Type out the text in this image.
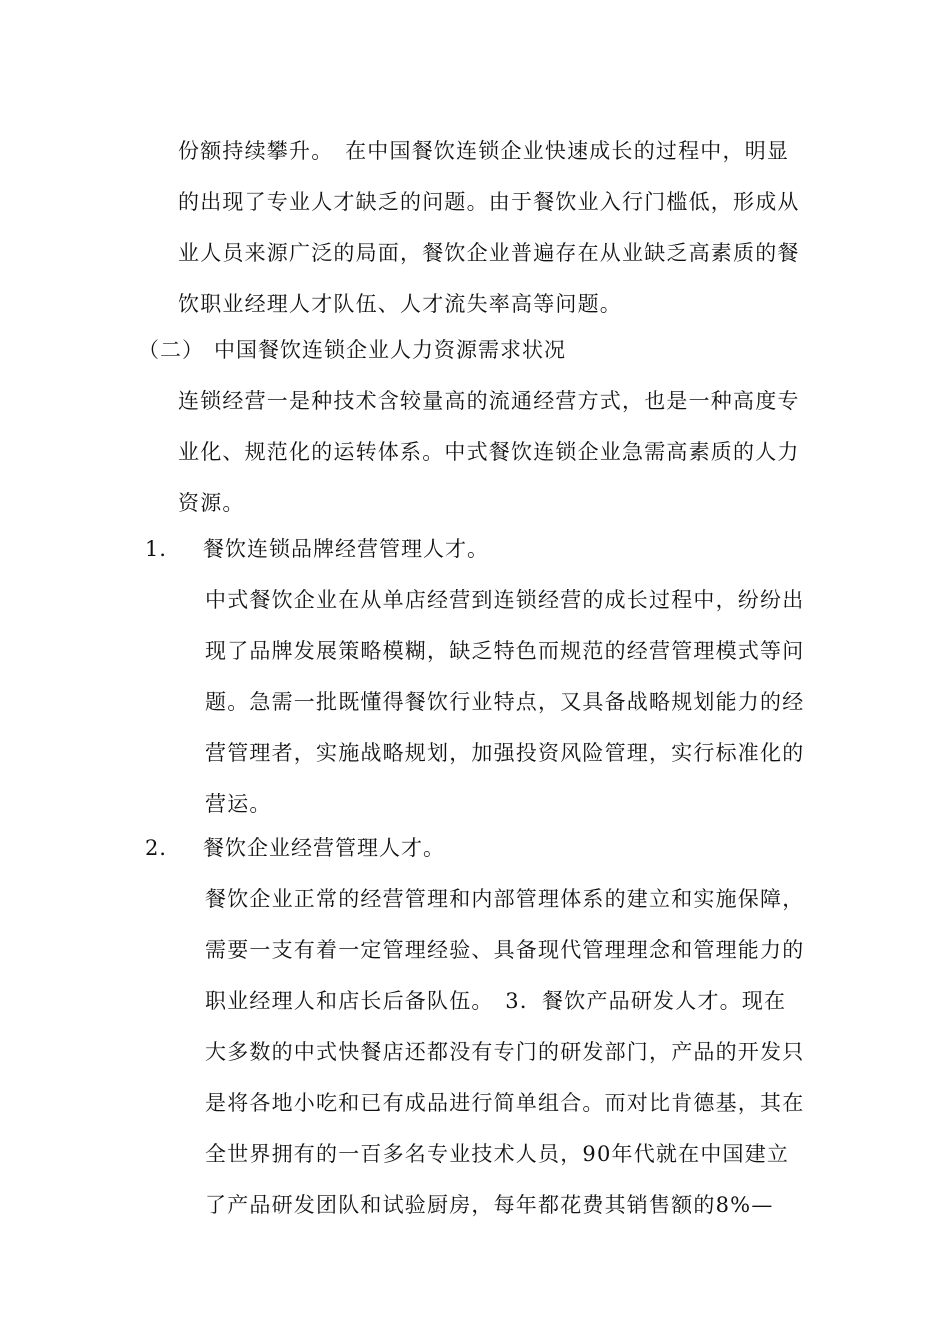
份额持续攀升。　在中国餐饮连锁企业快速成长的过程中，明显
的出现了专业人才缺乏的问题。由于餐饮业入行门槛低，形成从
业人员来源广泛的局面，餐饮企业普遍存在从业缺乏高素质的餐
饮职业经理人才队伍、人才流失率高等问题。
（二） 中国餐饮连锁企业人力资源需求状况
连锁经营一是种技术含较量高的流通经营方式，也是一种高度专
业化、规范化的运转体系。中式餐饮连锁企业急需高素质的人力
资源。
1． 餐饮连锁品牌经营管理人才。
中式餐饮企业在从单店经营到连锁经营的成长过程中，纷纷出
现了品牌发展策略模糊，缺乏特色而规范的经营管理模式等问
题。急需一批既懂得餐饮行业特点，又具备战略规划能力的经
营管理者，实施战略规划，加强投资风险管理，实行标准化的
营运。
2． 餐饮企业经营管理人才。
餐饮企业正常的经营管理和内部管理体系的建立和实施保障，
需要一支有着一定管理经验、具备现代管理理念和管理能力的
职业经理人和店长后备队伍。　3．餐饮产品研发人才。现在
大多数的中式快餐店还都没有专门的研发部门，产品的开发只
是将各地小吃和已有成品进行简单组合。而对比肯德基，其在
全世界拥有的一百多名专业技术人员，90年代就在中国建立
了产品研发团队和试验厨房，每年都花费其销售额的8%—
